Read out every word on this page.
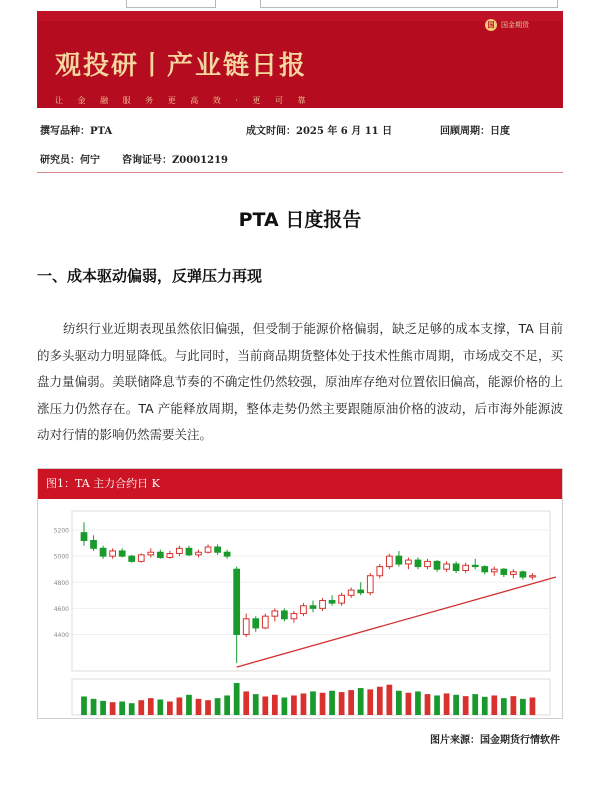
国 国金期货
观投研丨产业链日报
让 金 融 服 务 更 高 效 · 更 可 靠
撰写品种：PTA	成文时间：2025 年 6 月 11 日	回顾周期：日度
研究员：何宁 咨询证号：Z0001219
PTA 日度报告
一、成本驱动偏弱，反弹压力再现
纺织行业近期表现虽然依旧偏强，但受制于能源价格偏弱，缺乏足够的成本支撑，TA 目前的多头驱动力明显降低。与此同时，当前商品期货整体处于技术性熊市周期，市场成交不足，买盘力量偏弱。美联储降息节奏的不确定性仍然较强，原油库存绝对位置依旧偏高，能源价格的上涨压力仍然存在。TA 产能释放周期，整体走势仍然主要跟随原油价格的波动，后市海外能源波动对行情的影响仍然需要关注。
图1：TA 主力合约日 K
5200
5000
4800
4600
4400
图片来源：国金期货行情软件
